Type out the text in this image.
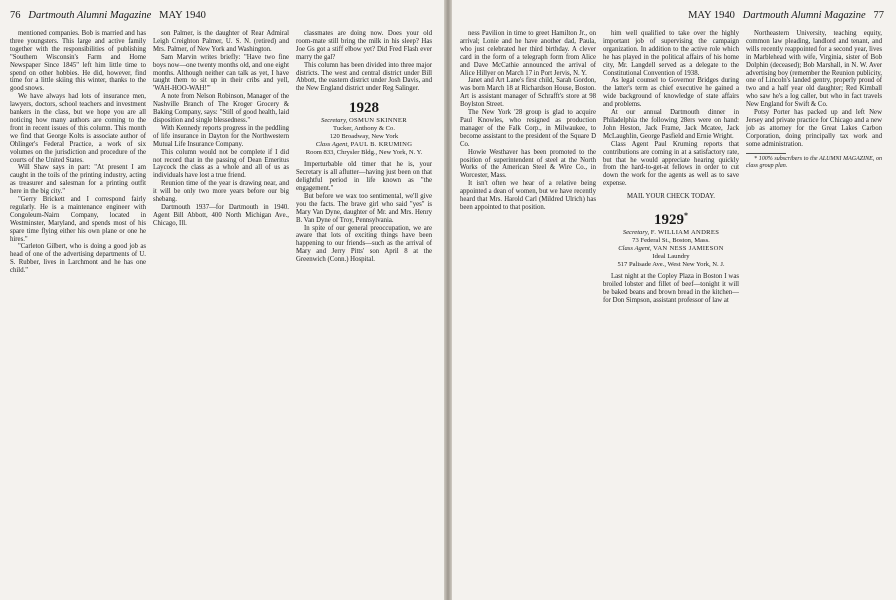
76 Dartmouth Alumni Magazine MAY 1940

mentioned companies. Bob is married and has three youngsters. This large and active family together with the responsibilities of publishing "Southern Wisconsin's Farm and Home Newspaper Since 1845" left him little time to spend on other hobbies. He did, however, find time for a little skiing this winter, thanks to the good snows.

We have always had lots of insurance men, lawyers, doctors, school teachers and investment bankers in the class, but we hope you are all noticing how many authors are coming to the front in recent issues of this column. This month we find that George Kolts is associate author of Ohlinger's Federal Practice, a work of six volumes on the jurisdiction and procedure of the courts of the United States.

Will Shaw says in part: "At present I am caught in the toils of the printing industry, acting as treasurer and salesman for a printing outfit here in the big city."

"Gerry Brickett and I correspond fairly regularly. He is a maintenance engineer with Congoleum-Nairn Company, located in Westminster, Maryland, and spends most of his spare time flying either his own plane or one he hires."

"Carleton Gilbert, who is doing a good job as head of one of the advertising departments of U. S. Rubber, lives in Larchmont and he has one child."

son Palmer, is the daughter of Rear Admiral Leigh Creighton Palmer, U. S. N. (retired) and Mrs. Palmer, of New York and Washington.

Sam Marvin writes briefly: "Have two fine boys now—one twenty months old, and one eight months. Although neither can talk as yet, I have taught them to sit up in their cribs and yell, 'WAH-HOO-WAH!'"

A note from Nelson Robinson, Manager of the Nashville Branch of The Kroger Grocery & Baking Company, says: "Still of good health, laid disposition and single blessedness."

With Kennedy reports progress in the peddling of life insurance in Dayton for the Northwestern Mutual Life Insurance Company.

This column would not be complete if I did not record that in the passing of Dean Emeritus Laycock the class as a whole and all of us as individuals have lost a true friend.

Reunion time of the year is drawing near, and it will be only two more years before our big shebang.

Dartmouth 1937—for Dartmouth in 1940. Agent Bill Abbott, 400 North Michigan Ave., Chicago, Ill.

classmates are doing now. Does your old room-mate still bring the milk in his sleep? Has Joe Gs got a stiff elbow yet? Did Fred Flash ever marry the gal?

This column has been divided into three major districts. The west and central district under Bill Abbott, the eastern district under Josh Davis, and the New England district under Reg Salinger.

1928
Secretary, OSMUN SKINNER
Tucker, Anthony & Co.
120 Broadway, New York
Class Agent, PAUL B. KRUMING
Room 833, Chrysler Bldg., New York, N. Y.

Imperturbable old timer that he is, your Secretary is all aflutter—having just been on that delightful period in life known as "the engagement."

But before we wax too sentimental, we'll give you the facts. The brave girl who said "yes" is Mary Van Dyne, daughter of Mr. and Mrs. Henry B. Van Dyne of Troy, Pennsylvania.

In spite of our general preoccupation, we are aware that lots of exciting things have been happening to our friends—such as the arrival of Mary and Jerry Pitts' son April 8 at the Greenwich (Conn.) Hospital.

MAY 1940 Dartmouth Alumni Magazine 77

ness Pavilion in time to greet Hamilton Jr., on arrival; Lonie and he have another dad, Paula, who just celebrated her third birthday. A clever card in the form of a telegraph form from Alice and Dave McCathie announced the arrival of Alice Hillyer on March 17 in Port Jervis, N. Y.

Janet and Art Lane's first child, Sarah Gordon, was born March 18 at Richardson House, Boston. Art is assistant manager of Schrafft's store at 98 Boylston Street.

The New York '28 group is glad to acquire Paul Knowles, who resigned as production manager of the Falk Corp., in Milwaukee, to become assistant to the president of the Square D Co.

Howie Westhaver has been promoted to the position of superintendent of steel at the North Works of the American Steel & Wire Co., in Worcester, Mass.

It isn't often we hear of a relative being appointed a dean of women, but we have recently heard that Mrs. Harold Carl (Mildred Ulrich) has been appointed to that position.

him well qualified to take over the highly important job of supervising the campaign organization. In addition to the active role which he has played in the political affairs of his home city, Mr. Langdell served as a delegate to the Constitutional Convention of 1938.

As legal counsel to Governor Bridges during the latter's term as chief executive he gained a wide background of knowledge of state affairs and problems.

At our annual Dartmouth dinner in Philadelphia the following 28ers were on hand: John Heston, Jack Frame, Jack Mcatee, Jack McLaughlin, George Pasfield and Ernie Wright.

Class Agent Paul Kruming reports that contributions are coming in at a satisfactory rate, but that he would appreciate hearing quickly from the hard-to-get-at fellows in order to cut down the work for the agents as well as to save expense.

MAIL YOUR CHECK TODAY.

1929*
Secretary, F. WILLIAM ANDRES
73 Federal St., Boston, Mass.
Class Agent, VAN NESS JAMIESON
Ideal Laundry
517 Palisade Ave., West New York, N. J.

Last night at the Copley Plaza in Boston I was broiled lobster and fillet of beef—tonight it will be baked beans and brown bread in the kitchen—for Don Simpson, assistant professor of law at

Northeastern University, teaching equity, common law pleading, landlord and tenant, and wills recently reappointed for a second year, lives in Marblehead with wife, Virginia, sister of Bob Dolphin (deceased); Bob Marshall, in N. W. Aver advertising boy (remember the Reunion publicity, one of Lincoln's landed gentry, properly proud of two and a half year old daughter; Red Kimball who saw he's a log caller, but who in fact travels New England for Swift & Co.

Potsy Porter has packed up and left New Jersey and private practice for Chicago and a new job as attorney for the Great Lakes Carbon Corporation, doing principally tax work and some administration.

* 100% subscribers to the ALUMNI MAGAZINE, on class group plan.
